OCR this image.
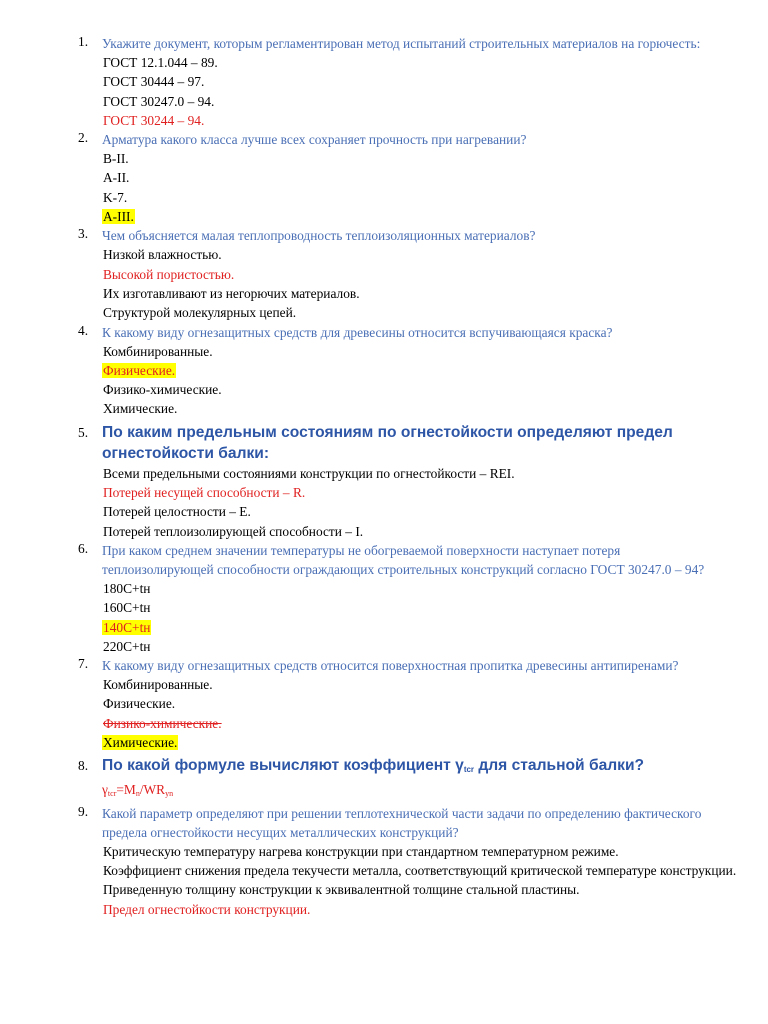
1. Укажите документ, которым регламентирован метод испытаний строительных материалов на горючесть:
ГОСТ 12.1.044 – 89.
ГОСТ 30444 – 97.
ГОСТ 30247.0 – 94.
ГОСТ 30244 – 94.
2. Арматура какого класса лучше всех сохраняет прочность при нагревании?
B-II.
A-II.
K-7.
A-III.
3. Чем объясняется малая теплопроводность теплоизоляционных материалов?
Низкой влажностью.
Высокой пористостью.
Их изготавливают из негорючих материалов.
Структурой молекулярных цепей.
4. К какому виду огнезащитных средств для древесины относится вспучивающаяся краска?
Комбинированные.
Физические.
Физико-химические.
Химические.
5. По каким предельным состояниям по огнестойкости определяют предел огнестойкости балки:
Всеми предельными состояниями конструкции по огнестойкости – REI.
Потерей несущей способности – R.
Потерей целостности – E.
Потерей теплоизолирующей способности – I.
6. При каком среднем значении температуры не обогреваемой поверхности наступает потеря теплоизолирующей способности ограждающих строительных конструкций согласно ГОСТ 30247.0 – 94?
180C+tн
160C+tн
140C+tн
220C+tн
7. К какому виду огнезащитных средств относится поверхностная пропитка древесины антипиренами?
Комбинированные.
Физические.
Физико-химические.
Химические.
8. По какой формуле вычисляют коэффициент $\gamma_{tcr}$ для стальной балки?
$\gamma_{tcr}=M_n/WR_{yn}$
9. Какой параметр определяют при решении теплотехнической части задачи по определению фактического предела огнестойкости несущих металлических конструкций?
Критическую температуру нагрева конструкции при стандартном температурном режиме.
Коэффициент снижения предела текучести металла, соответствующий критической температуре конструкции.
Приведенную толщину конструкции к эквивалентной толщине стальной пластины.
Предел огнестойкости конструкции.
